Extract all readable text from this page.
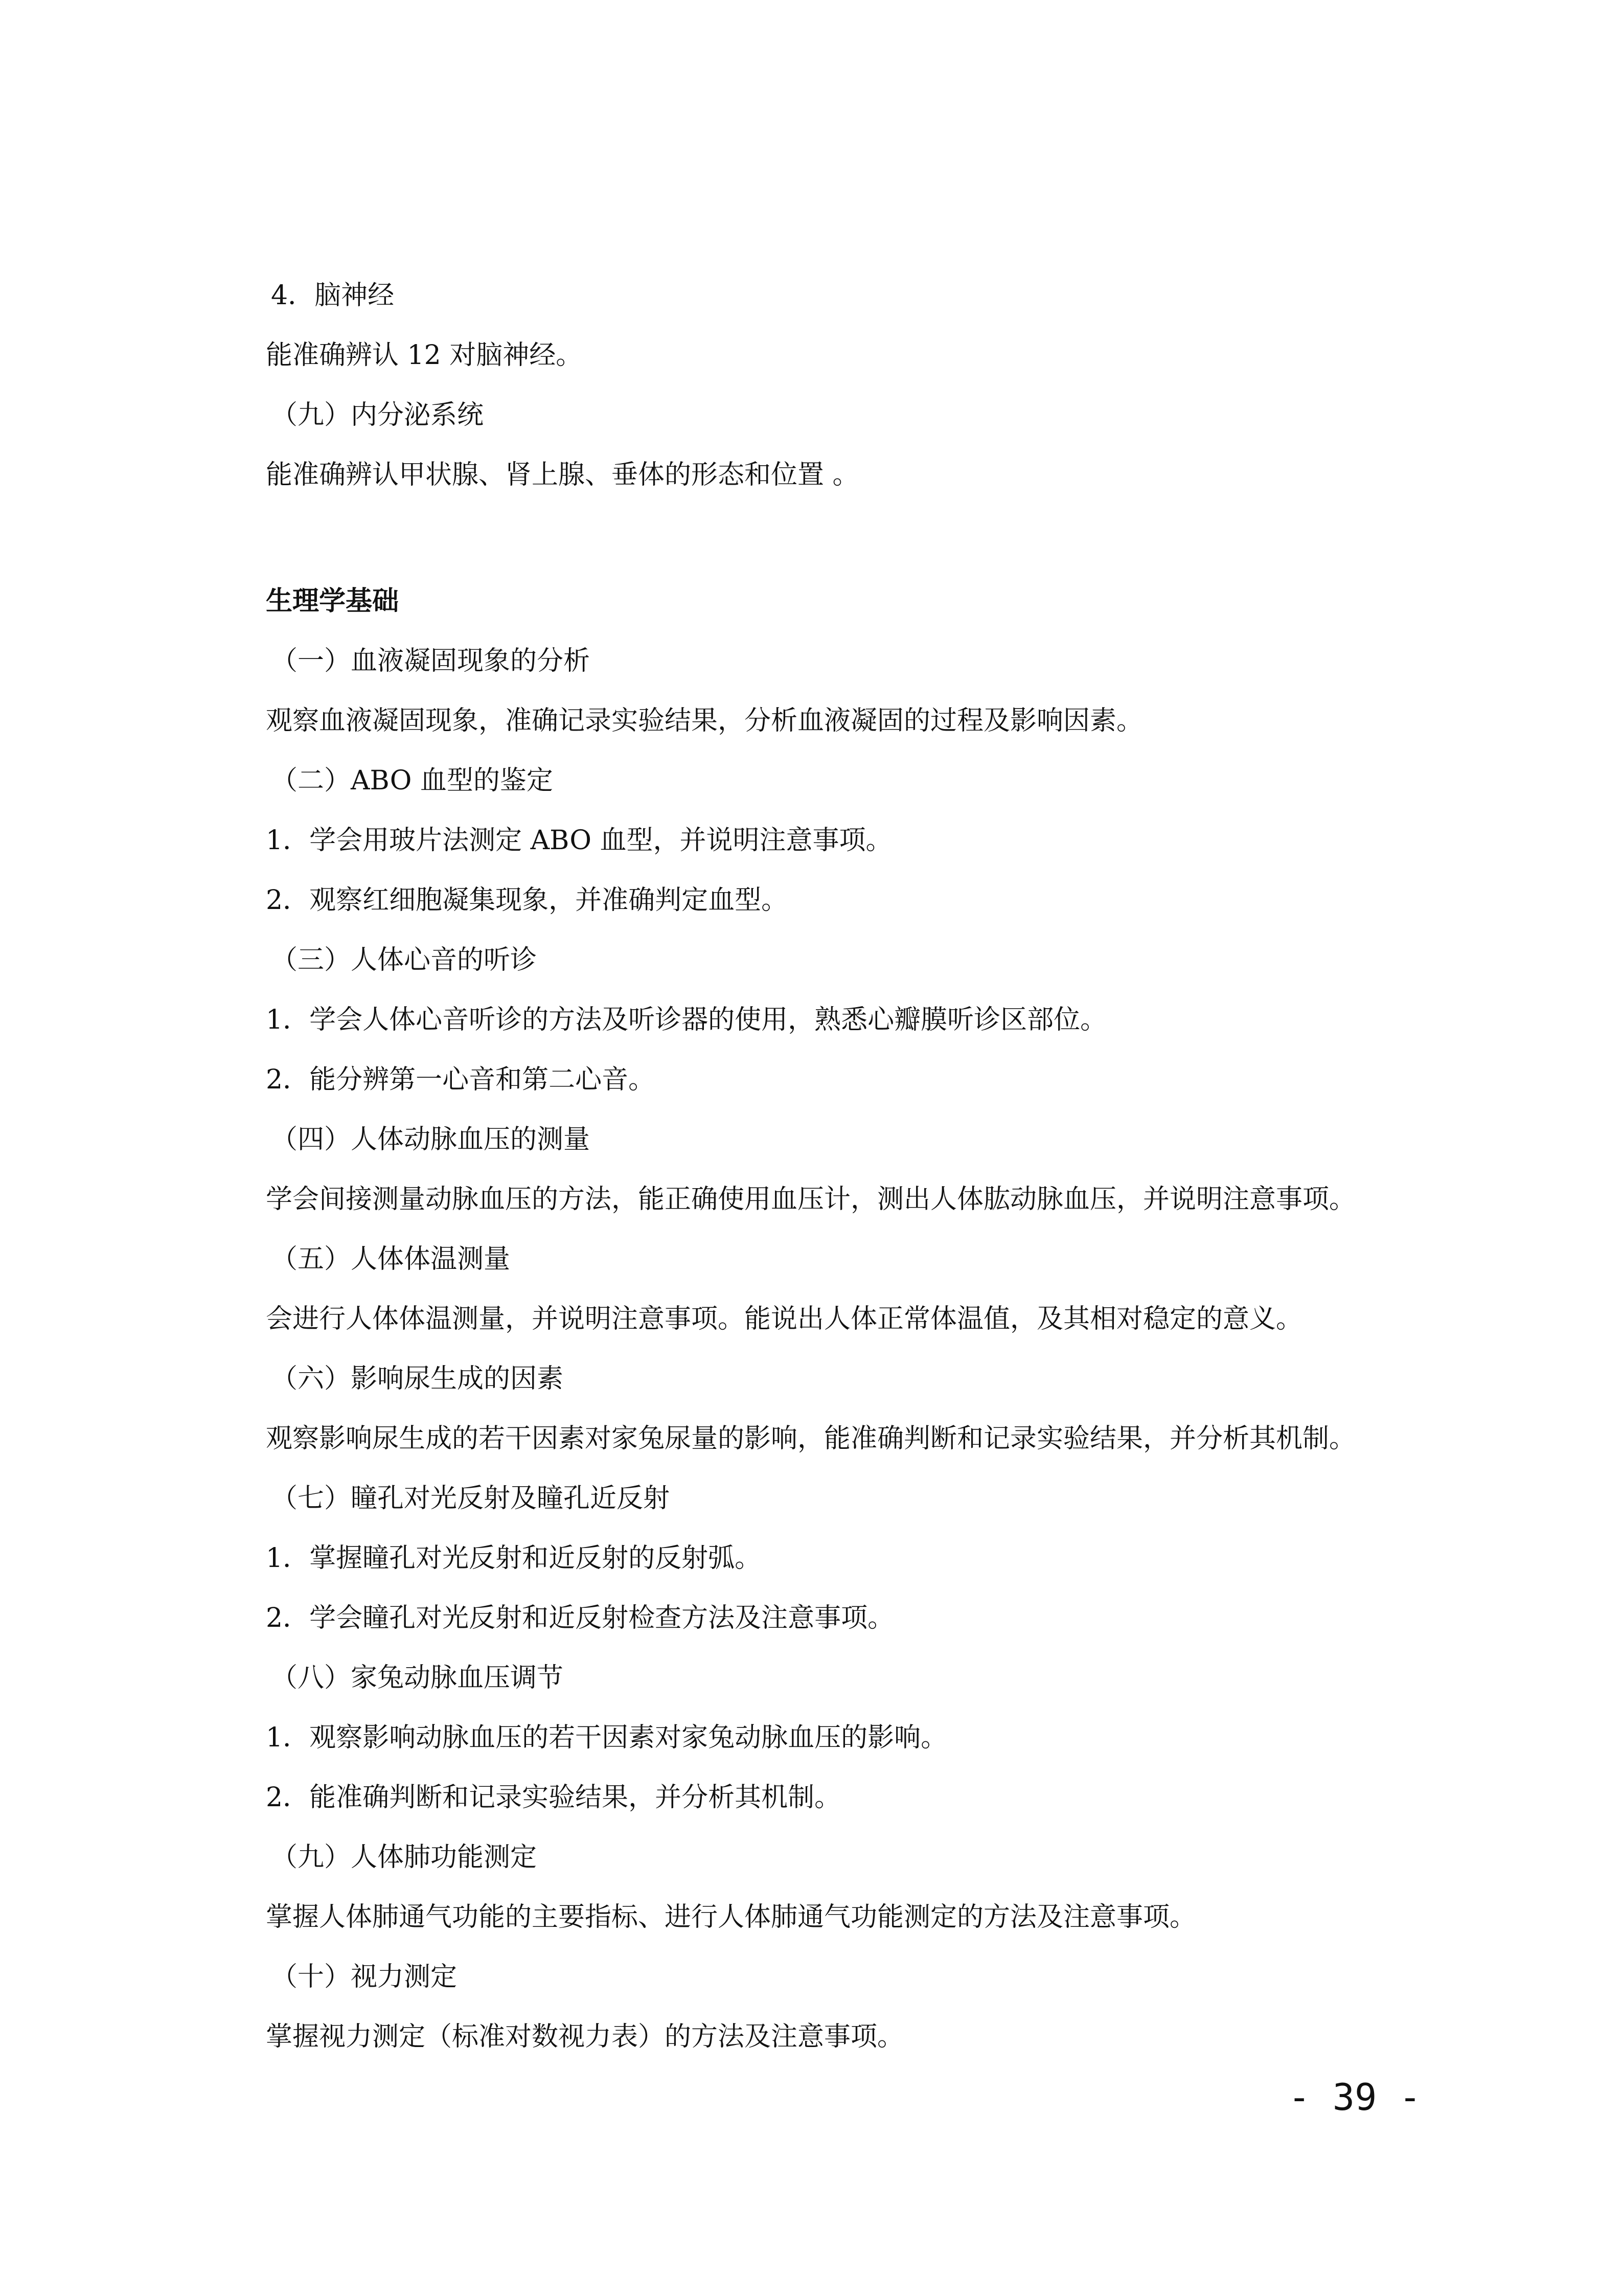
4．脑神经
能准确辨认 12 对脑神经。
（九）内分泌系统
能准确辨认甲状腺、肾上腺、垂体的形态和位置 。
生理学基础
（一）血液凝固现象的分析
观察血液凝固现象，准确记录实验结果，分析血液凝固的过程及影响因素。
（二）ABO 血型的鉴定
1．学会用玻片法测定 ABO 血型，并说明注意事项。
2．观察红细胞凝集现象，并准确判定血型。
（三）人体心音的听诊
1．学会人体心音听诊的方法及听诊器的使用，熟悉心瓣膜听诊区部位。
2．能分辨第一心音和第二心音。
（四）人体动脉血压的测量
学会间接测量动脉血压的方法，能正确使用血压计，测出人体肱动脉血压，并说明注意事项。
（五）人体体温测量
会进行人体体温测量，并说明注意事项。能说出人体正常体温值，及其相对稳定的意义。
（六）影响尿生成的因素
观察影响尿生成的若干因素对家兔尿量的影响，能准确判断和记录实验结果，并分析其机制。
（七）瞳孔对光反射及瞳孔近反射
1．掌握瞳孔对光反射和近反射的反射弧。
2．学会瞳孔对光反射和近反射检查方法及注意事项。
（八）家兔动脉血压调节
1．观察影响动脉血压的若干因素对家兔动脉血压的影响。
2．能准确判断和记录实验结果，并分析其机制。
（九）人体肺功能测定
掌握人体肺通气功能的主要指标、进行人体肺通气功能测定的方法及注意事项。
（十）视力测定
掌握视力测定（标准对数视力表）的方法及注意事项。
- 39 -
